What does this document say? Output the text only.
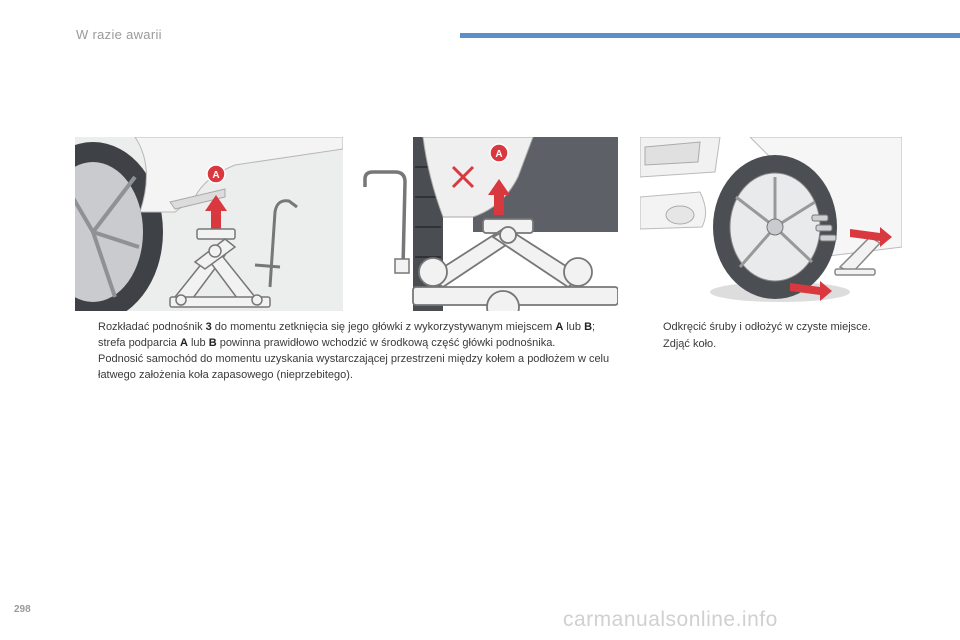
W razie awarii
A
A
Rozkładać podnośnik 3 do momentu zetknięcia się jego główki z wykorzystywanym miejscem A lub B; strefa podparcia A lub B powinna prawidłowo wchodzić w środkową część główki podnośnika.
Podnosić samochód do momentu uzyskania wystarczającej przestrzeni między kołem a podłożem w celu łatwego założenia koła zapasowego (nieprzebitego).
Odkręcić śruby i odłożyć w czyste miejsce.
Zdjąć koło.
298	carmanualsonline.info
